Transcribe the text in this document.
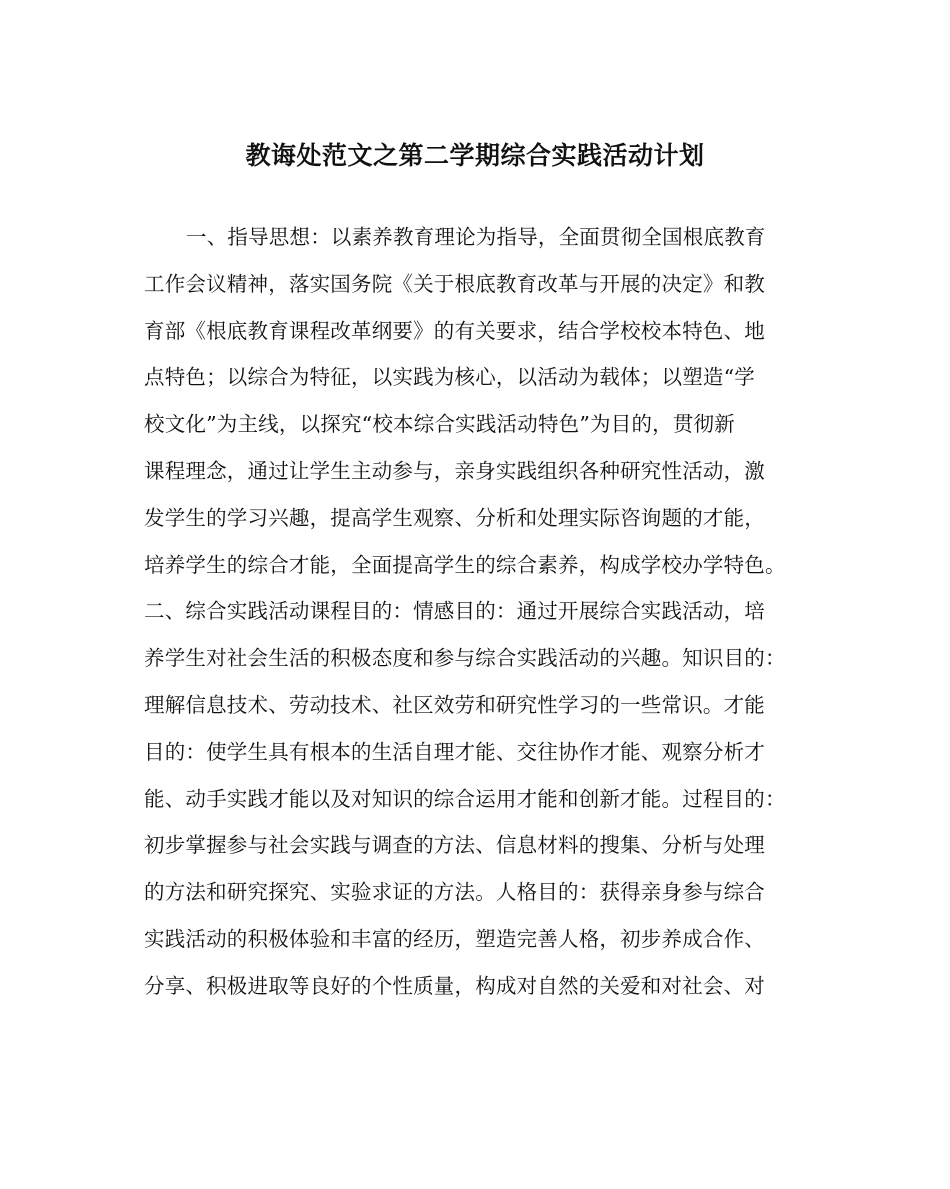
教诲处范文之第二学期综合实践活动计划
一、指导思想：以素养教育理论为指导，全面贯彻全国根底教育
工作会议精神，落实国务院《关于根底教育改革与开展的决定》和教
育部《根底教育课程改革纲要》的有关要求，结合学校校本特色、地
点特色；以综合为特征，以实践为核心，以活动为载体；以塑造“学
校文化”为主线，以探究“校本综合实践活动特色”为目的，贯彻新
课程理念，通过让学生主动参与，亲身实践组织各种研究性活动，激
发学生的学习兴趣，提高学生观察、分析和处理实际咨询题的才能，
培养学生的综合才能，全面提高学生的综合素养，构成学校办学特色。
二、综合实践活动课程目的：情感目的：通过开展综合实践活动，培
养学生对社会生活的积极态度和参与综合实践活动的兴趣。知识目的：
理解信息技术、劳动技术、社区效劳和研究性学习的一些常识。才能
目的：使学生具有根本的生活自理才能、交往协作才能、观察分析才
能、动手实践才能以及对知识的综合运用才能和创新才能。过程目的：
初步掌握参与社会实践与调查的方法、信息材料的搜集、分析与处理
的方法和研究探究、实验求证的方法。人格目的：获得亲身参与综合
实践活动的积极体验和丰富的经历，塑造完善人格，初步养成合作、
分享、积极进取等良好的个性质量，构成对自然的关爱和对社会、对
